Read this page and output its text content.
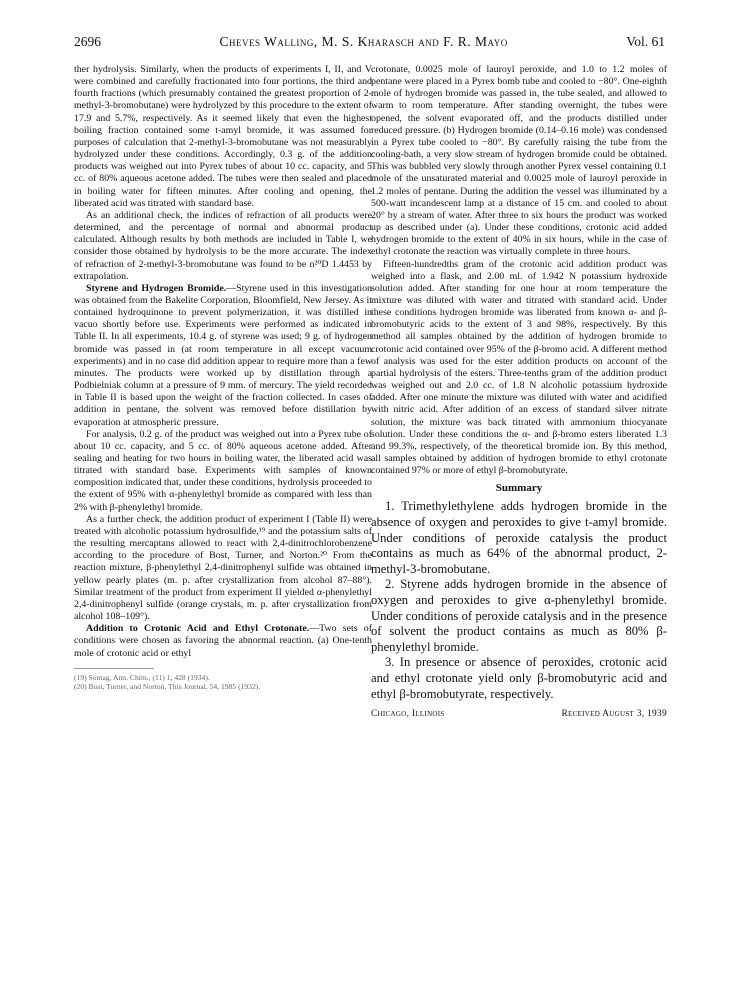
2696	Cheves Walling, M. S. Kharasch and F. R. Mayo	Vol. 61

ther hydrolysis. Similarly, when the products of experiments I, II, and V were combined and carefully fractionated into four portions, the third and fourth fractions (which presumably contained the greatest proportion of 2-methyl-3-bromobutane) were hydrolyzed by this procedure to the extent of 17.9 and 5.7%, respectively. As it seemed likely that even the highest boiling fraction contained some t-amyl bromide, it was assumed for purposes of calculation that 2-methyl-3-bromobutane was not measurably hydrolyzed under these conditions. Accordingly, 0.3 g. of the addition products was weighed out into Pyrex tubes of about 10 cc. capacity, and 5 cc. of 80% aqueous acetone added. The tubes were then sealed and placed in boiling water for fifteen minutes. After cooling and opening, the liberated acid was titrated with standard base.

As an additional check, the indices of refraction of all products were determined, and the percentage of normal and abnormal product calculated. Although results by both methods are included in Table I, we consider those obtained by hydrolysis to be the more accurate. The index of refraction of 2-methyl-3-bromobutane was found to be n²⁰D 1.4453 by extrapolation.

Styrene and Hydrogen Bromide.—Styrene used in this investigation was obtained from the Bakelite Corporation, Bloomfield, New Jersey. As it contained hydroquinone to prevent polymerization, it was distilled in vacuo shortly before use. Experiments were performed as indicated in Table II. In all experiments, 10.4 g. of styrene was used; 9 g. of hydrogen bromide was passed in (at room temperature in all except vacuum experiments) and in no case did addition appear to require more than a few minutes. The products were worked up by distillation through a Podbielniak column at a pressure of 9 mm. of mercury. The yield recorded in Table II is based upon the weight of the fraction collected. In cases of addition in pentane, the solvent was removed before distillation by evaporation at atmospheric pressure.

For analysis, 0.2 g. of the product was weighed out into a Pyrex tube of about 10 cc. capacity, and 5 cc. of 80% aqueous acetone added. After sealing and heating for two hours in boiling water, the liberated acid was titrated with standard base. Experiments with samples of known composition indicated that, under these conditions, hydrolysis proceeded to the extent of 95% with α-phenylethyl bromide as compared with less than 2% with β-phenylethyl bromide.

As a further check, the addition product of experiment I (Table II) were treated with alcoholic potassium hydrosulfide,¹⁹ and the potassium salts of the resulting mercaptans allowed to react with 2,4-dinitrochlorobenzene according to the procedure of Bost, Turner, and Norton.²⁰ From the reaction mixture, β-phenylethyl 2,4-dinitrophenyl sulfide was obtained in yellow pearly plates (m. p. after crystallization from alcohol 87–88°). Similar treatment of the product from experiment II yielded α-phenylethyl 2,4-dinitrophenyl sulfide (orange crystals, m. p. after crystallization from alcohol 108–109°).

Addition to Crotonic Acid and Ethyl Crotonate.—Two sets of conditions were chosen as favoring the abnormal reaction. (a) One-tenth mole of crotonic acid or ethyl

(19) Sontag, Ann. Chim., (11) 1, 428 (1934).

(20) Bost, Turner, and Norton, This Journal, 54, 1985 (1932).

crotonate, 0.0025 mole of lauroyl peroxide, and 1.0 to 1.2 moles of pentane were placed in a Pyrex bomb tube and cooled to −80°. One-eighth mole of hydrogen bromide was passed in, the tube sealed, and allowed to warm to room temperature. After standing overnight, the tubes were opened, the solvent evaporated off, and the products distilled under reduced pressure. (b) Hydrogen bromide (0.14–0.16 mole) was condensed in a Pyrex tube cooled to −80°. By carefully raising the tube from the cooling-bath, a very slow stream of hydrogen bromide could be obtained. This was bubbled very slowly through another Pyrex vessel containing 0.1 mole of the unsaturated material and 0.0025 mole of lauroyl peroxide in 1.2 moles of pentane. During the addition the vessel was illuminated by a 500-watt incandescent lamp at a distance of 15 cm. and cooled to about 20° by a stream of water. After three to six hours the product was worked up as described under (a). Under these conditions, crotonic acid added hydrogen bromide to the extent of 40% in six hours, while in the case of ethyl crotonate the reaction was virtually complete in three hours.

Fifteen-hundredths gram of the crotonic acid addition product was weighed into a flask, and 2.00 ml. of 1.942 N potassium hydroxide solution added. After standing for one hour at room temperature the mixture was diluted with water and titrated with standard acid. Under these conditions hydrogen bromide was liberated from known α- and β-bromobutyric acids to the extent of 3 and 98%, respectively. By this method all samples obtained by the addition of hydrogen bromide to crotonic acid contained over 95% of the β-bromo acid. A different method of analysis was used for the ester addition products on account of the partial hydrolysis of the esters. Three-tenths gram of the addition product was weighed out and 2.0 cc. of 1.8 N alcoholic potassium hydroxide added. After one minute the mixture was diluted with water and acidified with nitric acid. After addition of an excess of standard silver nitrate solution, the mixture was back titrated with ammonium thiocyanate solution. Under these conditions the α- and β-bromo esters liberated 1.3 and 99.3%, respectively, of the theoretical bromide ion. By this method, all samples obtained by addition of hydrogen bromide to ethyl crotonate contained 97% or more of ethyl β-bromobutyrate.

Summary

1. Trimethylethylene adds hydrogen bromide in the absence of oxygen and peroxides to give t-amyl bromide. Under conditions of peroxide catalysis the product contains as much as 64% of the abnormal product, 2-methyl-3-bromobutane.

2. Styrene adds hydrogen bromide in the absence of oxygen and peroxides to give α-phenylethyl bromide. Under conditions of peroxide catalysis and in the presence of solvent the product contains as much as 80% β-phenylethyl bromide.

3. In presence or absence of peroxides, crotonic acid and ethyl crotonate yield only β-bromobutyric acid and ethyl β-bromobutyrate, respectively.

Chicago, Illinois	Received August 3, 1939
